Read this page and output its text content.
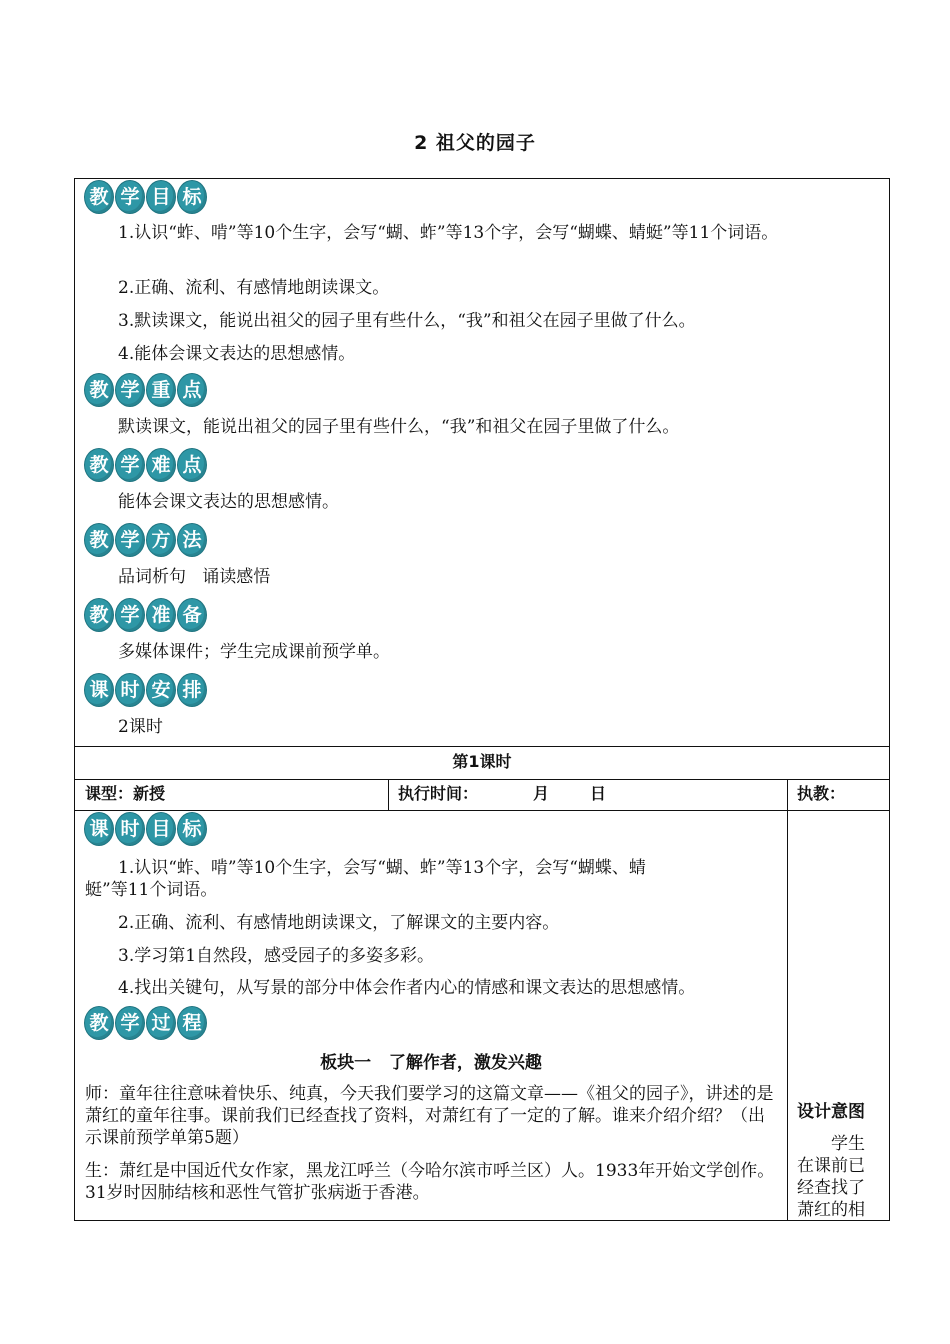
2 祖父的园子
教 学 目 标
1.认识“蚱、啃”等10个生字，会写“蝴、蚱”等13个字，会写“蝴蝶、蜻蜓”等11个词语。
2.正确、流利、有感情地朗读课文。
3.默读课文，能说出祖父的园子里有些什么，“我”和祖父在园子里做了什么。
4.能体会课文表达的思想感情。
教 学 重 点
默读课文，能说出祖父的园子里有些什么，“我”和祖父在园子里做了什么。
教 学 难 点
能体会课文表达的思想感情。
教 学 方 法
品词析句   诵读感悟
教 学 准 备
多媒体课件；学生完成课前预学单。
课 时 安 排
2课时
第1课时
课型：新授	执行时间：	月	日	执教：
课 时 目 标
1.认识“蚱、啃”等10个生字，会写“蝴、蚱”等13个字，会写“蝴蝶、蜻
蜓”等11个词语。
2.正确、流利、有感情地朗读课文，了解课文的主要内容。
3.学习第1自然段，感受园子的多姿多彩。
4.找出关键句，从写景的部分中体会作者内心的情感和课文表达的思想感情。
教 学 过 程
板块一   了解作者，激发兴趣
师：童年往往意味着快乐、纯真，今天我们要学习的这篇文章——《祖父的园子》，讲述的是萧红的童年往事。课前我们已经查找了资料，对萧红有了一定的了解。谁来介绍介绍？（出示课前预学单第5题）
生：萧红是中国近代女作家，黑龙江呼兰（今哈尔滨市呼兰区）人。1933年开始文学创作。31岁时因肺结核和恶性气管扩张病逝于香港。
设计意图
学生在课前已经查找了萧红的相
